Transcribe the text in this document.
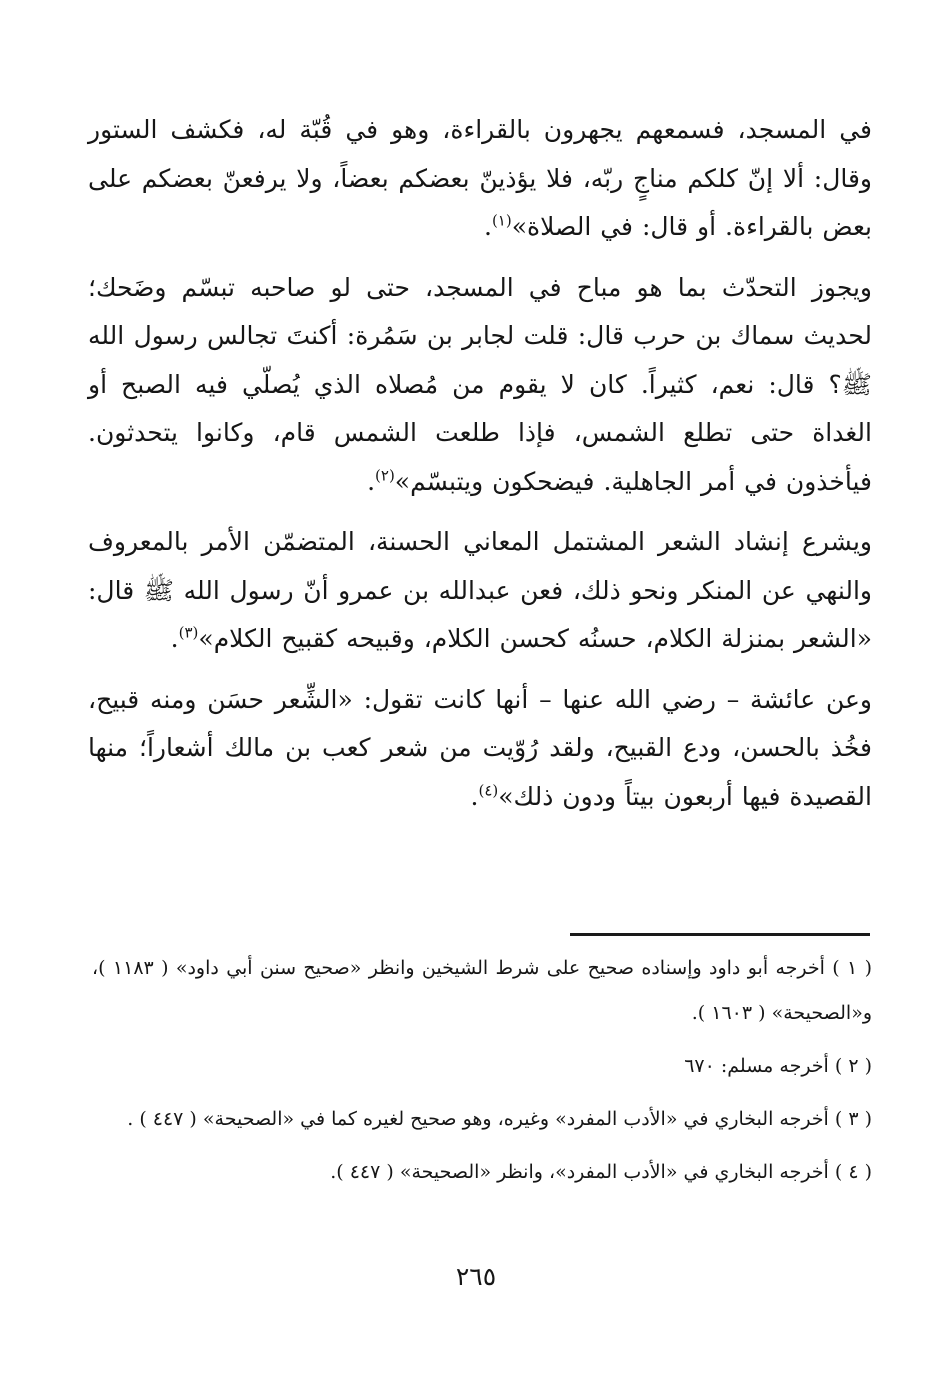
في المسجد، فسمعهم يجهرون بالقراءة، وهو في قُبّة له، فكشف الستور وقال: ألا إنّ كلكم مناجٍ ربّه، فلا يؤذينّ بعضكم بعضاً، ولا يرفعنّ بعضكم على بعض بالقراءة. أو قال: في الصلاة»$^{(١)}$.

ويجوز التحدّث بما هو مباح في المسجد، حتى لو صاحبه تبسّم وضَحك؛ لحديث سماك بن حرب قال: قلت لجابر بن سَمُرة: أكنتَ تجالس رسول الله ﷺ؟ قال: نعم، كثيراً. كان لا يقوم من مُصلاه الذي يُصلّي فيه الصبح أو الغداة حتى تطلع الشمس، فإذا طلعت الشمس قام، وكانوا يتحدثون. فيأخذون في أمر الجاهلية. فيضحكون ويتبسّم»$^{(٢)}$.

ويشرع إنشاد الشعر المشتمل المعاني الحسنة، المتضمّن الأمر بالمعروف والنهي عن المنكر ونحو ذلك، فعن عبدالله بن عمرو أنّ رسول الله ﷺ قال: «الشعر بمنزلة الكلام، حسنُه كحسن الكلام، وقبيحه كقبيح الكلام»$^{(٣)}$.

وعن عائشة – رضي الله عنها – أنها كانت تقول: «الشِّعر حسَن ومنه قبيح، فخُذ بالحسن، ودع القبيح، ولقد رُوّيت من شعر كعب بن مالك أشعاراً؛ منها القصيدة فيها أربعون بيتاً ودون ذلك»$^{(٤)}$.

( ١ ) أخرجه أبو داود وإسناده صحيح على شرط الشيخين وانظر «صحيح سنن أبي داود» ( ١١٨٣ )، و«الصحيحة» ( ١٦٠٣ ).

( ٢ ) أخرجه مسلم: ٦٧٠

( ٣ ) أخرجه البخاري في «الأدب المفرد» وغيره، وهو صحيح لغيره كما في «الصحيحة» ( ٤٤٧ ) .

( ٤ ) أخرجه البخاري في «الأدب المفرد»، وانظر «الصحيحة» ( ٤٤٧ ).

٢٦٥
